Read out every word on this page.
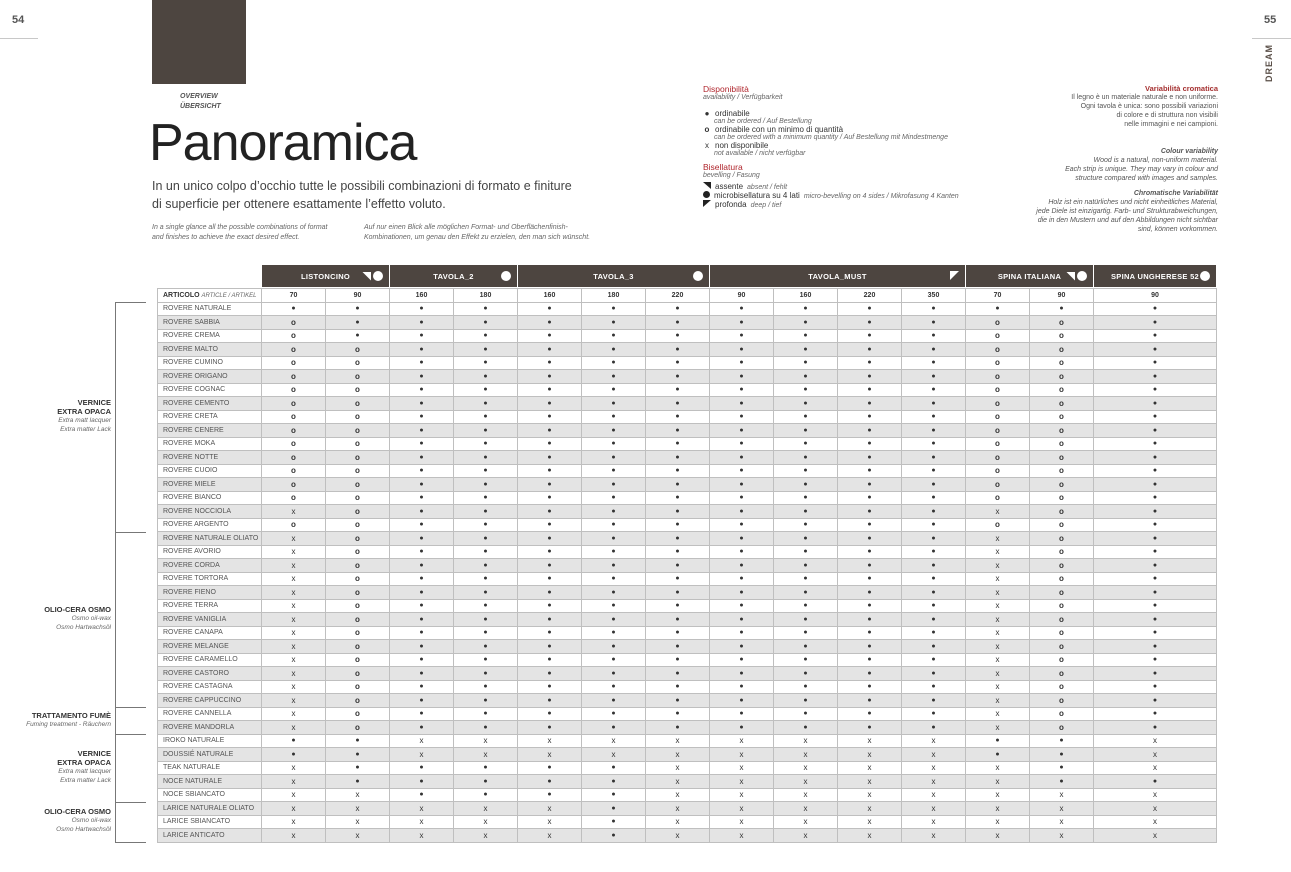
54	55
DREAM
OVERVIEW
ÜBERSICHT
Panoramica
In un unico colpo d’occhio tutte le possibili combinazioni di formato e finiture
di superficie per ottenere esattamente l’effetto voluto.
In a single glance all the possible combinations of format
and finishes to achieve the exact desired effect.
Auf nur einen Blick alle möglichen Format- und Oberflächenfinish-
Kombinationen, um genau den Effekt zu erzielen, den man sich wünscht.
Disponibilità
availability / Verfügbarkeit
● ordinabile
can be ordered / Auf Bestellung
o ordinabile con un minimo di quantità
can be ordered with a minimum quantity / Auf Bestellung mit Mindestmenge
x non disponibile
not available / nicht verfügbar
Bisellatura
bevelling / Fasung
assente absent / fehlt
microbisellatura su 4 lati micro-bevelling on 4 sides / Mikrofasung 4 Kanten
profonda deep / tief
Variabilità cromatica
Il legno è un materiale naturale e non uniforme.
Ogni tavola è unica: sono possibili variazioni
di colore e di struttura non visibili
nelle immagini e nei campioni.
Colour variability
Wood is a natural, non-uniform material.
Each strip is unique. They may vary in colour and
structure compared with images and samples.
Chromatische Variabilität
Holz ist ein natürliches und nicht einheitliches Material,
jede Diele ist einzigartig. Farb- und Strukturabweichungen,
die in den Mustern und auf den Abbildungen nicht sichtbar
sind, können vorkommen.
LISTONCINO	TAVOLA_2	TAVOLA_3	TAVOLA_MUST	SPINA ITALIANA	SPINA UNGHERESE 52
ARTICOLO ARTICLE / ARTIKEL	70	90	160	180	160	180	220	90	160	220	350	70	90	90
ROVERE NATURALE	●	●	●	●	●	●	●	●	●	●	●	●	●	●
ROVERE SABBIA	o	●	●	●	●	●	●	●	●	●	●	o	o	●
ROVERE CREMA	o	●	●	●	●	●	●	●	●	●	●	o	o	●
ROVERE MALTO	o	o	●	●	●	●	●	●	●	●	●	o	o	●
ROVERE CUMINO	o	o	●	●	●	●	●	●	●	●	●	o	o	●
ROVERE ORIGANO	o	o	●	●	●	●	●	●	●	●	●	o	o	●
ROVERE COGNAC	o	o	●	●	●	●	●	●	●	●	●	o	o	●
ROVERE CEMENTO	o	o	●	●	●	●	●	●	●	●	●	o	o	●
ROVERE CRETA	o	o	●	●	●	●	●	●	●	●	●	o	o	●
ROVERE CENERE	o	o	●	●	●	●	●	●	●	●	●	o	o	●
ROVERE MOKA	o	o	●	●	●	●	●	●	●	●	●	o	o	●
ROVERE NOTTE	o	o	●	●	●	●	●	●	●	●	●	o	o	●
ROVERE CUOIO	o	o	●	●	●	●	●	●	●	●	●	o	o	●
ROVERE MIELE	o	o	●	●	●	●	●	●	●	●	●	o	o	●
ROVERE BIANCO	o	o	●	●	●	●	●	●	●	●	●	o	o	●
ROVERE NOCCIOLA	x	o	●	●	●	●	●	●	●	●	●	x	o	●
ROVERE ARGENTO	o	o	●	●	●	●	●	●	●	●	●	o	o	●
ROVERE NATURALE OLIATO	x	o	●	●	●	●	●	●	●	●	●	x	o	●
ROVERE AVORIO	x	o	●	●	●	●	●	●	●	●	●	x	o	●
ROVERE CORDA	x	o	●	●	●	●	●	●	●	●	●	x	o	●
ROVERE TORTORA	x	o	●	●	●	●	●	●	●	●	●	x	o	●
ROVERE FIENO	x	o	●	●	●	●	●	●	●	●	●	x	o	●
ROVERE TERRA	x	o	●	●	●	●	●	●	●	●	●	x	o	●
ROVERE VANIGLIA	x	o	●	●	●	●	●	●	●	●	●	x	o	●
ROVERE CANAPA	x	o	●	●	●	●	●	●	●	●	●	x	o	●
ROVERE MELANGE	x	o	●	●	●	●	●	●	●	●	●	x	o	●
ROVERE CARAMELLO	x	o	●	●	●	●	●	●	●	●	●	x	o	●
ROVERE CASTORO	x	o	●	●	●	●	●	●	●	●	●	x	o	●
ROVERE CASTAGNA	x	o	●	●	●	●	●	●	●	●	●	x	o	●
ROVERE CAPPUCCINO	x	o	●	●	●	●	●	●	●	●	●	x	o	●
ROVERE CANNELLA	x	o	●	●	●	●	●	●	●	●	●	x	o	●
ROVERE MANDORLA	x	o	●	●	●	●	●	●	●	●	●	x	o	●
IROKO NATURALE	●	●	x	x	x	x	x	x	x	x	x	●	●	x
DOUSSIÉ NATURALE	●	●	x	x	x	x	x	x	x	x	x	●	●	x
TEAK NATURALE	x	●	●	●	●	●	x	x	x	x	x	x	●	x
NOCE NATURALE	x	●	●	●	●	●	x	x	x	x	x	x	●	●
NOCE SBIANCATO	x	x	●	●	●	●	x	x	x	x	x	x	x	x
LARICE NATURALE OLIATO	x	x	x	x	x	●	x	x	x	x	x	x	x	x
LARICE SBIANCATO	x	x	x	x	x	●	x	x	x	x	x	x	x	x
LARICE ANTICATO	x	x	x	x	x	●	x	x	x	x	x	x	x	x
VERNICE
EXTRA OPACA
Extra matt lacquer
Extra matter Lack
OLIO-CERA OSMO
Osmo oil-wax
Osmo Hartwachsöl
TRATTAMENTO FUMÈ
Fuming treatment - Räuchern
VERNICE
EXTRA OPACA
Extra matt lacquer
Extra matter Lack
OLIO-CERA OSMO
Osmo oil-wax
Osmo Hartwachsöl
